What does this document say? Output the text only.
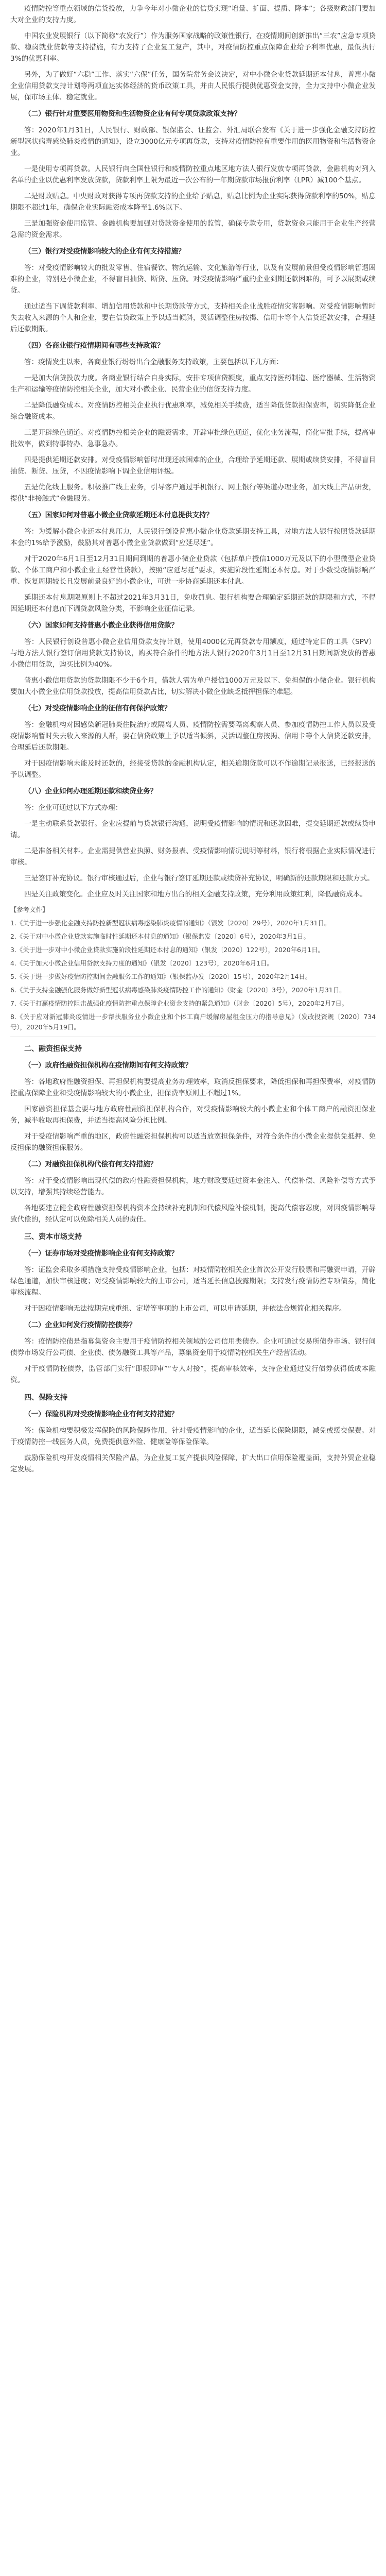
疫情防控等重点领域的信贷投放，力争今年对小微企业的信贷实现“增量、扩面、提质、降本”；各级财政部门要加大对企业的支持力度。

中国农业发展银行（以下简称“农发行”）作为服务国家战略的政策性银行，在疫情期间创新推出“三农”应急专项贷款、稳岗就业贷款等支持措施，有力支持了企业复工复产，其中，对疫情防控重点保障企业给予利率优惠，最低执行3%的优惠利率。

另外，为了做好“六稳”工作、落实“六保”任务，国务院常务会议决定，对中小微企业贷款延期还本付息，普惠小微企业信用贷款支持计划等两项直达实体经济的货币政策工具，并由人民银行提供优惠资金支持，全力支持中小微企业发展，保市场主体、稳定就业。

（二）银行针对重要医用物资和生活物资企业有何专项贷款政策支持？

答：2020年1月31日，人民银行、财政部、银保监会、证监会、外汇局联合发布《关于进一步强化金融支持防控新型冠状病毒感染肺炎疫情的通知》，设立3000亿元专项再贷款，支持对疫情防控有重要作用的医用物资和生活物资企业。

一是使用专项再贷款。人民银行向全国性银行和疫情防控重点地区地方法人银行发放专项再贷款，金融机构对列入名单的企业以优惠利率发放贷款，贷款利率上限为最近一次公布的一年期贷款市场报价利率（LPR）减100个基点。

二是财政贴息。中央财政对获得专项再贷款支持的企业给予贴息，贴息比例为企业实际获得贷款利率的50%，贴息期限不超过1年，确保企业实际融资成本降至1.6%以下。

三是加强资金使用监管。金融机构要加强对贷款资金使用的监管，确保专款专用，贷款资金只能用于企业生产经营急需的资金需求。

（三）银行对受疫情影响较大的企业有何支持措施？

答：对受疫情影响较大的批发零售、住宿餐饮、物流运输、文化旅游等行业，以及有发展前景但受疫情影响暂遇困难的企业，特别是小微企业，不得盲目抽贷、断贷、压贷。对受疫情影响严重的企业到期还款困难的，可予以展期或续贷。

通过适当下调贷款利率、增加信用贷款和中长期贷款等方式，支持相关企业战胜疫情灾害影响。对受疫情影响暂时失去收入来源的个人和企业，要在信贷政策上予以适当倾斜，灵活调整住房按揭、信用卡等个人信贷还款安排，合理延后还款期限。

（四）各商业银行疫情期间有哪些支持政策？

答：疫情发生以来，各商业银行纷纷出台金融服务支持政策，主要包括以下几方面：

一是加大信贷投放力度。各商业银行结合自身实际，安排专项信贷额度，重点支持医药制造、医疗器械、生活物资生产和运输等疫情防控相关企业，加大对小微企业、民营企业的信贷支持力度。

二是降低融资成本。对疫情防控相关企业执行优惠利率，减免相关手续费，适当降低贷款担保费率，切实降低企业综合融资成本。

三是开辟绿色通道。对疫情防控相关企业的融资需求，开辟审批绿色通道，优化业务流程，简化审批手续，提高审批效率，做到特事特办、急事急办。

四是提供延期还款安排。对受疫情影响暂时出现还款困难的企业，合理给予延期还款、展期或续贷安排，不得盲目抽贷、断贷、压贷，不因疫情影响下调企业信用评级。

五是优化线上服务。积极推广线上业务，引导客户通过手机银行、网上银行等渠道办理业务，加大线上产品研发，提供“非接触式”金融服务。

（五）国家如何对普惠小微企业贷款延期还本付息提供支持？

答：为缓解小微企业还本付息压力，人民银行创设普惠小微企业贷款延期支持工具，对地方法人银行按照贷款延期本金的1%给予激励，鼓励其对普惠小微企业贷款做到“应延尽延”。

对于2020年6月1日至12月31日期间到期的普惠小微企业贷款（包括单户授信1000万元及以下的小型微型企业贷款、个体工商户和小微企业主经营性贷款），按照“应延尽延”要求，实施阶段性延期还本付息。对于少数受疫情影响严重、恢复周期较长且发展前景良好的小微企业，可进一步协商延期还本付息。

延期还本付息期限原则上不超过2021年3月31日，免收罚息。银行机构要合理确定延期还款的期限和方式，不得因延期还本付息而下调贷款风险分类，不影响企业征信记录。

（六）国家如何支持普惠小微企业获得信用贷款？

答：人民银行创设普惠小微企业信用贷款支持计划，使用4000亿元再贷款专用额度，通过特定目的工具（SPV）与地方法人银行签订信用贷款支持协议，购买符合条件的地方法人银行2020年3月1日至12月31日期间新发放的普惠小微信用贷款，购买比例为40%。

普惠小微信用贷款的贷款期限不少于6个月，借款人需为单户授信1000万元及以下、免担保的小微企业。银行机构要加大小微企业信用贷款投放，提高信用贷款占比，切实解决小微企业缺乏抵押担保的难题。

（七）对受疫情影响企业的征信有何保护政策？

答：金融机构对因感染新冠肺炎住院治疗或隔离人员、疫情防控需要隔离观察人员、参加疫情防控工作人员以及受疫情影响暂时失去收入来源的人群，要在信贷政策上予以适当倾斜，灵活调整住房按揭、信用卡等个人信贷还款安排，合理延后还款期限。

对于因疫情影响未能及时还款的，经接受贷款的金融机构认定，相关逾期贷款可以不作逾期记录报送，已经报送的予以调整。

（八）企业如何办理延期还款和续贷业务？

答：企业可通过以下方式办理：

一是主动联系贷款银行。企业应提前与贷款银行沟通，说明受疫情影响的情况和还款困难，提交延期还款或续贷申请。

二是准备相关材料。企业需提供营业执照、财务报表、受疫情影响情况说明等材料，银行将根据企业实际情况进行审核。

三是签订补充协议。银行审核通过后，企业与银行签订延期还款或续贷补充协议，明确新的还款期限和还款方式。

四是关注政策变化。企业应及时关注国家和地方出台的相关金融支持政策，充分利用政策红利，降低融资成本。

【参考文件】

1.《关于进一步强化金融支持防控新型冠状病毒感染肺炎疫情的通知》（银发〔2020〕29号），2020年1月31日。

2.《关于对中小微企业贷款实施临时性延期还本付息的通知》（银保监发〔2020〕6号），2020年3月1日。

3.《关于进一步对中小微企业贷款实施阶段性延期还本付息的通知》（银发〔2020〕122号），2020年6月1日。

4.《关于加大小微企业信用贷款支持力度的通知》（银发〔2020〕123号），2020年6月1日。

5.《关于进一步做好疫情防控期间金融服务工作的通知》（银保监办发〔2020〕15号），2020年2月14日。

6.《关于支持金融强化服务做好新型冠状病毒感染肺炎疫情防控工作的通知》（财金〔2020〕3号），2020年1月31日。

7.《关于打赢疫情防控阻击战强化疫情防控重点保障企业资金支持的紧急通知》（财金〔2020〕5号），2020年2月7日。

8.《关于应对新冠肺炎疫情进一步帮扶服务业小微企业和个体工商户缓解房屋租金压力的指导意见》（发改投资规〔2020〕734号），2020年5月19日。

二、融资担保支持
（一）政府性融资担保机构在疫情期间有何支持政策？

答：各地政府性融资担保、再担保机构要提高业务办理效率，取消反担保要求，降低担保和再担保费率，对疫情防控重点保障企业和受疫情影响较大的小微企业，担保费率原则上不超过1%。

国家融资担保基金要与地方政府性融资担保机构合作，对受疫情影响较大的小微企业和个体工商户的融资担保业务，减半收取再担保费，并适当提高风险分担比例。

对于受疫情影响严重的地区，政府性融资担保机构可以适当放宽担保条件，对符合条件的小微企业提供免抵押、免反担保的融资担保服务。

（二）对融资担保机构代偿有何支持措施？

答：对于受疫情影响出现代偿的政府性融资担保机构，地方财政要通过资本金注入、代偿补偿、风险补偿等方式予以支持，增强其持续经营能力。

各地要建立健全政府性融资担保机构资本金持续补充机制和代偿风险补偿机制，提高代偿容忍度，对因疫情影响导致代偿的，经认定可以免除相关人员的责任。

三、资本市场支持
（一）证券市场对受疫情影响企业有何支持政策？

答：证监会采取多项措施支持受疫情影响企业，包括：对疫情防控相关企业首次公开发行股票和再融资申请，开辟绿色通道，加快审核进度；对受疫情影响较大的上市公司，适当延长信息披露期限；支持发行疫情防控专项债券，简化审核流程。

对于因疫情影响无法按期完成重组、定增等事项的上市公司，可以申请延期，并依法合规简化相关程序。

（二）企业如何发行疫情防控债券？

答：疫情防控债是指募集资金主要用于疫情防控相关领域的公司信用类债券。企业可通过交易所债券市场、银行间债券市场发行公司债、企业债、债务融资工具等产品，募集资金用于疫情防控相关生产经营活动。

对于疫情防控债券，监管部门实行“即报即审”“专人对接”，提高审核效率，支持企业通过发行债券获得低成本融资。

四、保险支持
（一）保险机构对受疫情影响企业有何支持措施？

答：保险机构要积极发挥保险的风险保障作用，针对受疫情影响的企业，适当延长保险期限，减免或缓交保费。对于疫情防控一线医务人员，免费提供意外险、健康险等保险保障。

鼓励保险机构开发疫情相关保险产品，为企业复工复产提供风险保障，扩大出口信用保险覆盖面，支持外贸企业稳定发展。
